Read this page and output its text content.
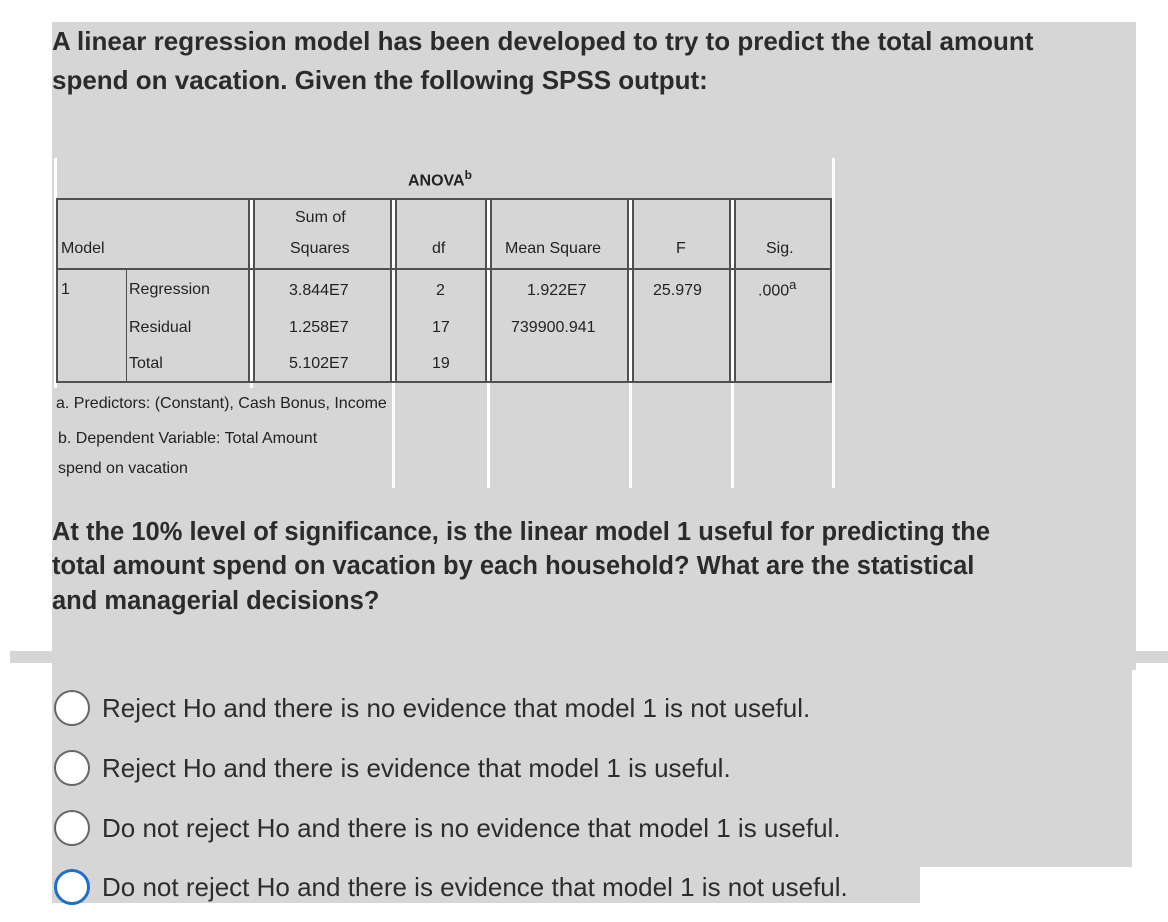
A linear regression model has been developed to try to predict the total amount

spend on vacation. Given the following SPSS output:

ANOVA$^b$
Model
Sum of
Squares	df	Mean Square	F	Sig.
1	Regression	3.844E7	2	1.922E7	25.979	.000$^a$
Residual	1.258E7	17	739900.941
Total	5.102E7	19
a. Predictors: (Constant), Cash Bonus, Income
b. Dependent Variable: Total Amount
spend on vacation

At the 10% level of significance, is the linear model 1 useful for predicting the

total amount spend on vacation by each household? What are the statistical

and managerial decisions?

Reject Ho and there is no evidence that model 1 is not useful.
Reject Ho and there is evidence that model 1 is useful.
Do not reject Ho and there is no evidence that model 1 is useful.
Do not reject Ho and there is evidence that model 1 is not useful.
